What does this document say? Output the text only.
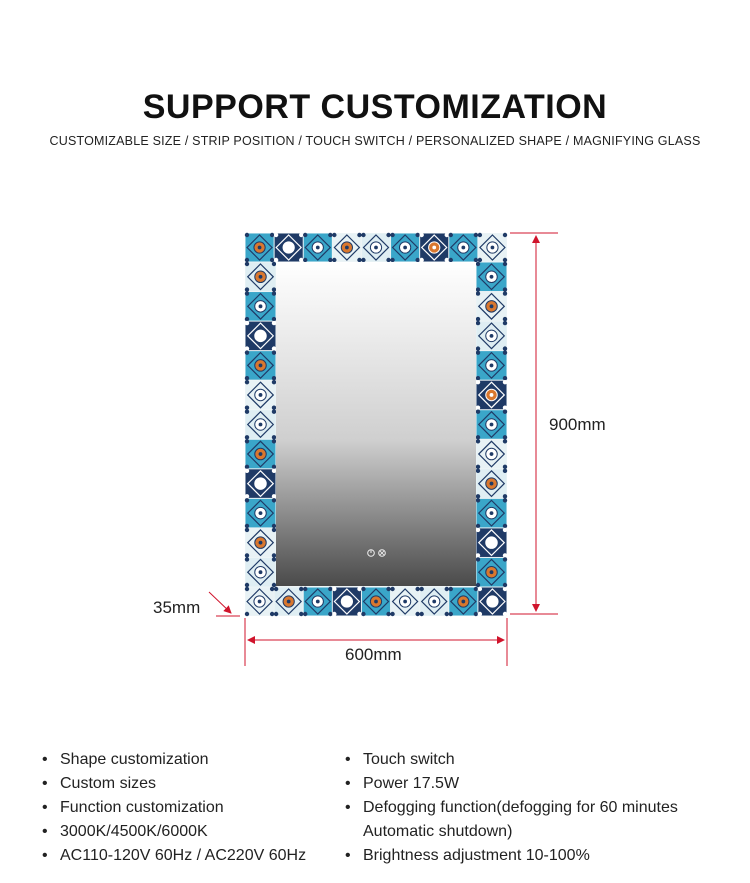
SUPPORT CUSTOMIZATION
CUSTOMIZABLE SIZE / STRIP POSITION / TOUCH SWITCH / PERSONALIZED SHAPE / MAGNIFYING GLASS
900mm
600mm
35mm
• Shape customization
• Custom sizes
• Function customization
• 3000K/4500K/6000K
• AC110-120V 60Hz / AC220V 60Hz
• Touch switch
• Power 17.5W
• Defogging function(defogging for 60 minutes
Automatic shutdown)
• Brightness adjustment 10-100%
